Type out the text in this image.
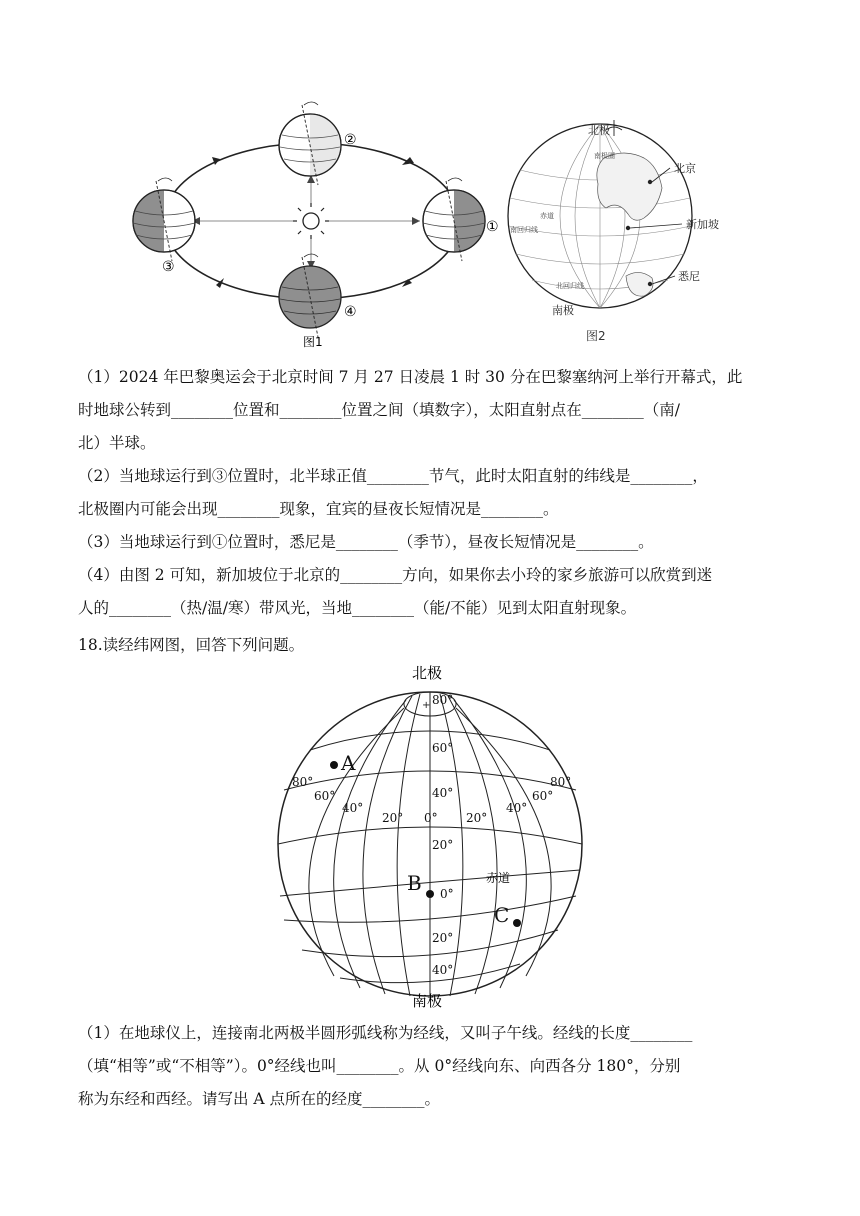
②
①
③
④
图1
北极
南极
赤道
南回归线
北回归线
南极圈
北京
新加坡
悉尼
图2
（1）2024 年巴黎奥运会于北京时间 7 月 27 日凌晨 1 时 30 分在巴黎塞纳河上举行开幕式，此
时地球公转到________位置和________位置之间（填数字），太阳直射点在________（南/
北）半球。
（2）当地球运行到③位置时，北半球正值________节气，此时太阳直射的纬线是________，
北极圈内可能会出现________现象，宜宾的昼夜长短情况是________。
（3）当地球运行到①位置时，悉尼是________（季节），昼夜长短情况是________。
（4）由图 2 可知，新加坡位于北京的________方向，如果你去小玲的家乡旅游可以欣赏到迷
人的________（热/温/寒）带风光，当地________（能/不能）见到太阳直射现象。
18.读经纬网图，回答下列问题。
+
北极
南极
赤道
80°
60°
40°
20°
0°
20°
40°
80°
60°
40°
20° 0° 20°
40°
60°
80°
A
B
C
（1）在地球仪上，连接南北两极半圆形弧线称为经线，又叫子午线。经线的长度________
（填“相等”或“不相等”）。0°经线也叫________。从 0°经线向东、向西各分 180°，分别
称为东经和西经。请写出 A 点所在的经度________。
